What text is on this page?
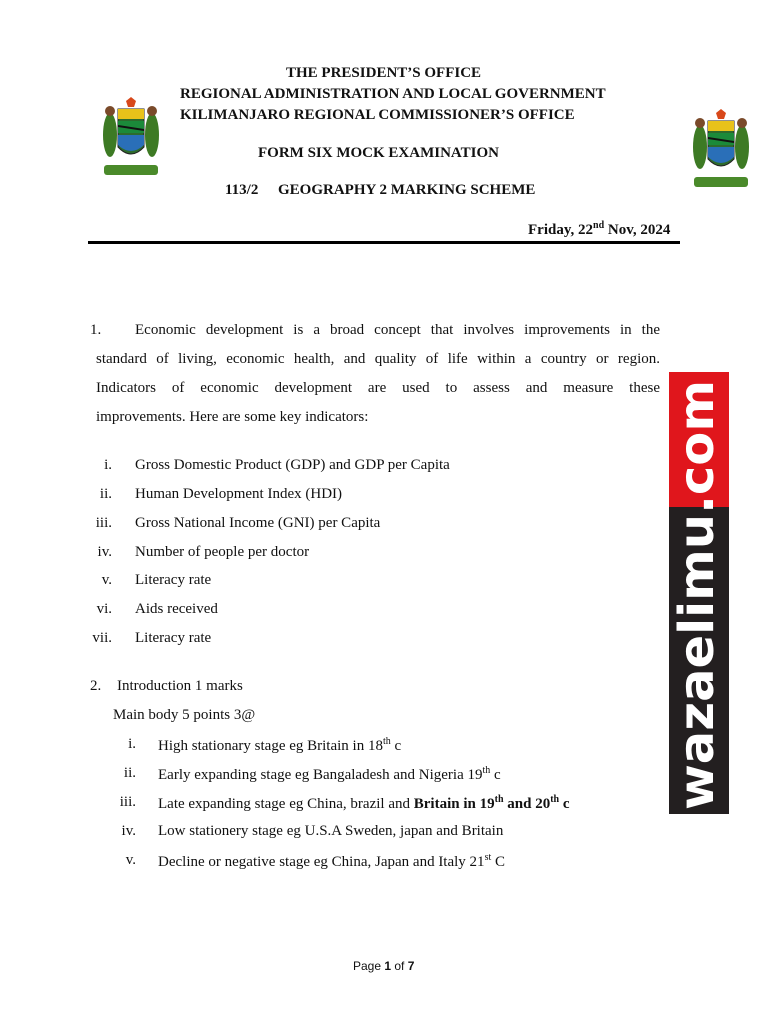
THE PRESIDENT’S OFFICE
REGIONAL ADMINISTRATION AND LOCAL GOVERNMENT
KILIMANJARO REGIONAL COMMISSIONER’S OFFICE
FORM SIX MOCK EXAMINATION
113/2 GEOGRAPHY 2 MARKING SCHEME
Friday, 22nd Nov, 2024
1. Economic development is a broad concept that involves improvements in the
standard of living, economic health, and quality of life within a country or region.
Indicators of economic development are used to assess and measure these
improvements. Here are some key indicators:
i. Gross Domestic Product (GDP) and GDP per Capita
ii. Human Development Index (HDI)
iii. Gross National Income (GNI) per Capita
iv. Number of people per doctor
v. Literacy rate
vi. Aids received
vii. Literacy rate
2. Introduction 1 marks
Main body 5 points 3@
i. High stationary stage eg Britain in 18th c
ii. Early expanding stage eg Bangaladesh and Nigeria 19th c
iii. Late expanding stage eg China, brazil and Britain in 19th and 20th c
iv. Low stationery stage eg U.S.A Sweden, japan and Britain
v. Decline or negative stage eg China, Japan and Italy 21st C
wazaelimu.com
Page 1 of 7
